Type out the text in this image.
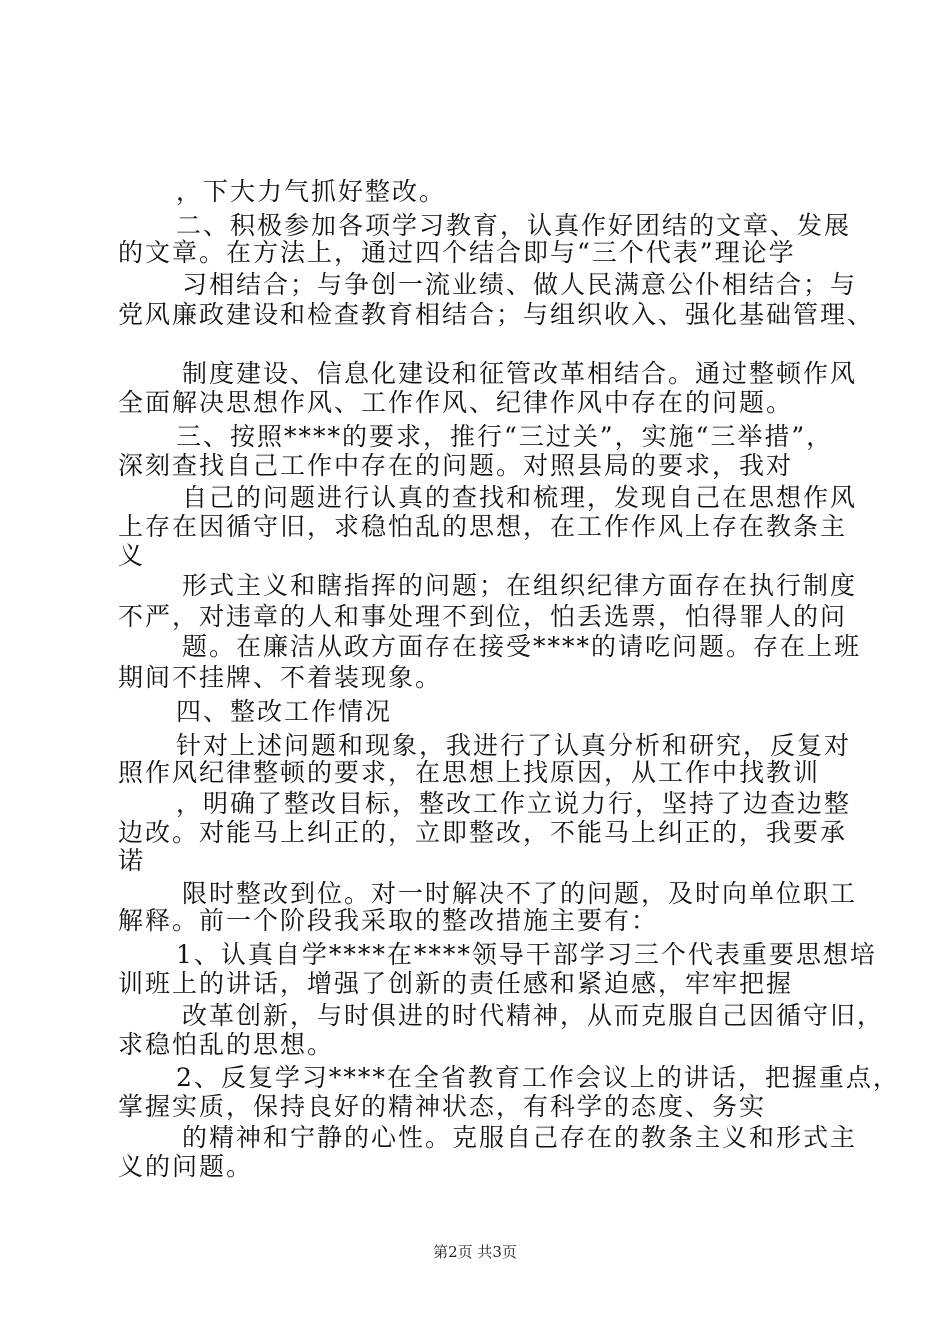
，下大力气抓好整改。
二、积极参加各项学习教育，认真作好团结的文章、发展
的文章。在方法上，通过四个结合即与“三个代表”理论学
习相结合；与争创一流业绩、做人民满意公仆相结合；与
党风廉政建设和检查教育相结合；与组织收入、强化基础管理、
制度建设、信息化建设和征管改革相结合。通过整顿作风
全面解决思想作风、工作作风、纪律作风中存在的问题。
三、按照****的要求，推行“三过关”，实施“三举措”，
深刻查找自己工作中存在的问题。对照县局的要求，我对
自己的问题进行认真的查找和梳理，发现自己在思想作风
上存在因循守旧，求稳怕乱的思想，在工作作风上存在教条主
义
形式主义和瞎指挥的问题；在组织纪律方面存在执行制度
不严，对违章的人和事处理不到位，怕丢选票，怕得罪人的问
题。在廉洁从政方面存在接受****的请吃问题。存在上班
期间不挂牌、不着装现象。
四、整改工作情况
针对上述问题和现象，我进行了认真分析和研究，反复对
照作风纪律整顿的要求，在思想上找原因，从工作中找教训
，明确了整改目标，整改工作立说力行，坚持了边查边整
边改。对能马上纠正的，立即整改，不能马上纠正的，我要承
诺
限时整改到位。对一时解决不了的问题，及时向单位职工
解释。前一个阶段我采取的整改措施主要有：
1、认真自学****在****领导干部学习三个代表重要思想培
训班上的讲话，增强了创新的责任感和紧迫感，牢牢把握
改革创新，与时俱进的时代精神，从而克服自己因循守旧，
求稳怕乱的思想。
2、反复学习****在全省教育工作会议上的讲话，把握重点，
掌握实质，保持良好的精神状态，有科学的态度、务实
的精神和宁静的心性。克服自己存在的教条主义和形式主
义的问题。
第2页 共3页
